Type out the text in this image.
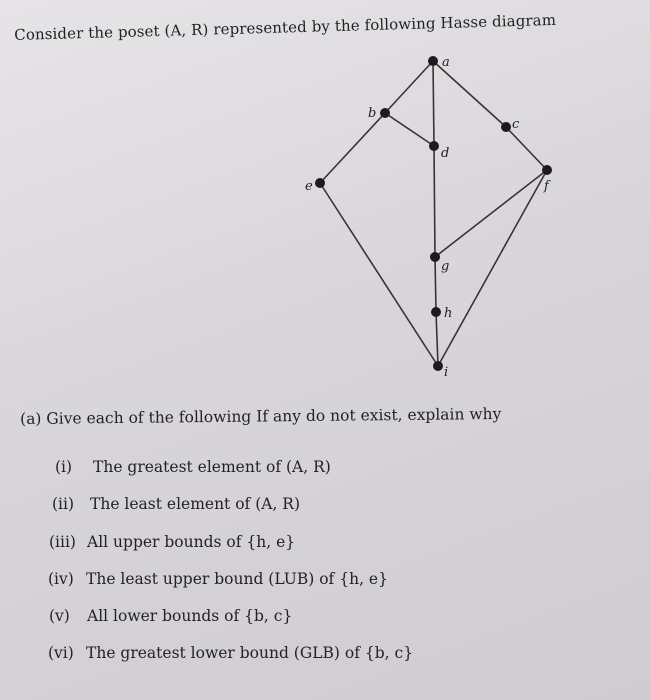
Consider the poset (A, R) represented by the following Hasse diagram
a
b
c
d
e	f
g
h
i
(a) Give each of the following If any do not exist, explain why
(i) The greatest element of (A, R)
(ii) The least element of (A, R)
(iii) All upper bounds of {h, e}
(iv) The least upper bound (LUB) of {h, e}
(v) All lower bounds of {b, c}
(vi) The greatest lower bound (GLB) of {b, c}
